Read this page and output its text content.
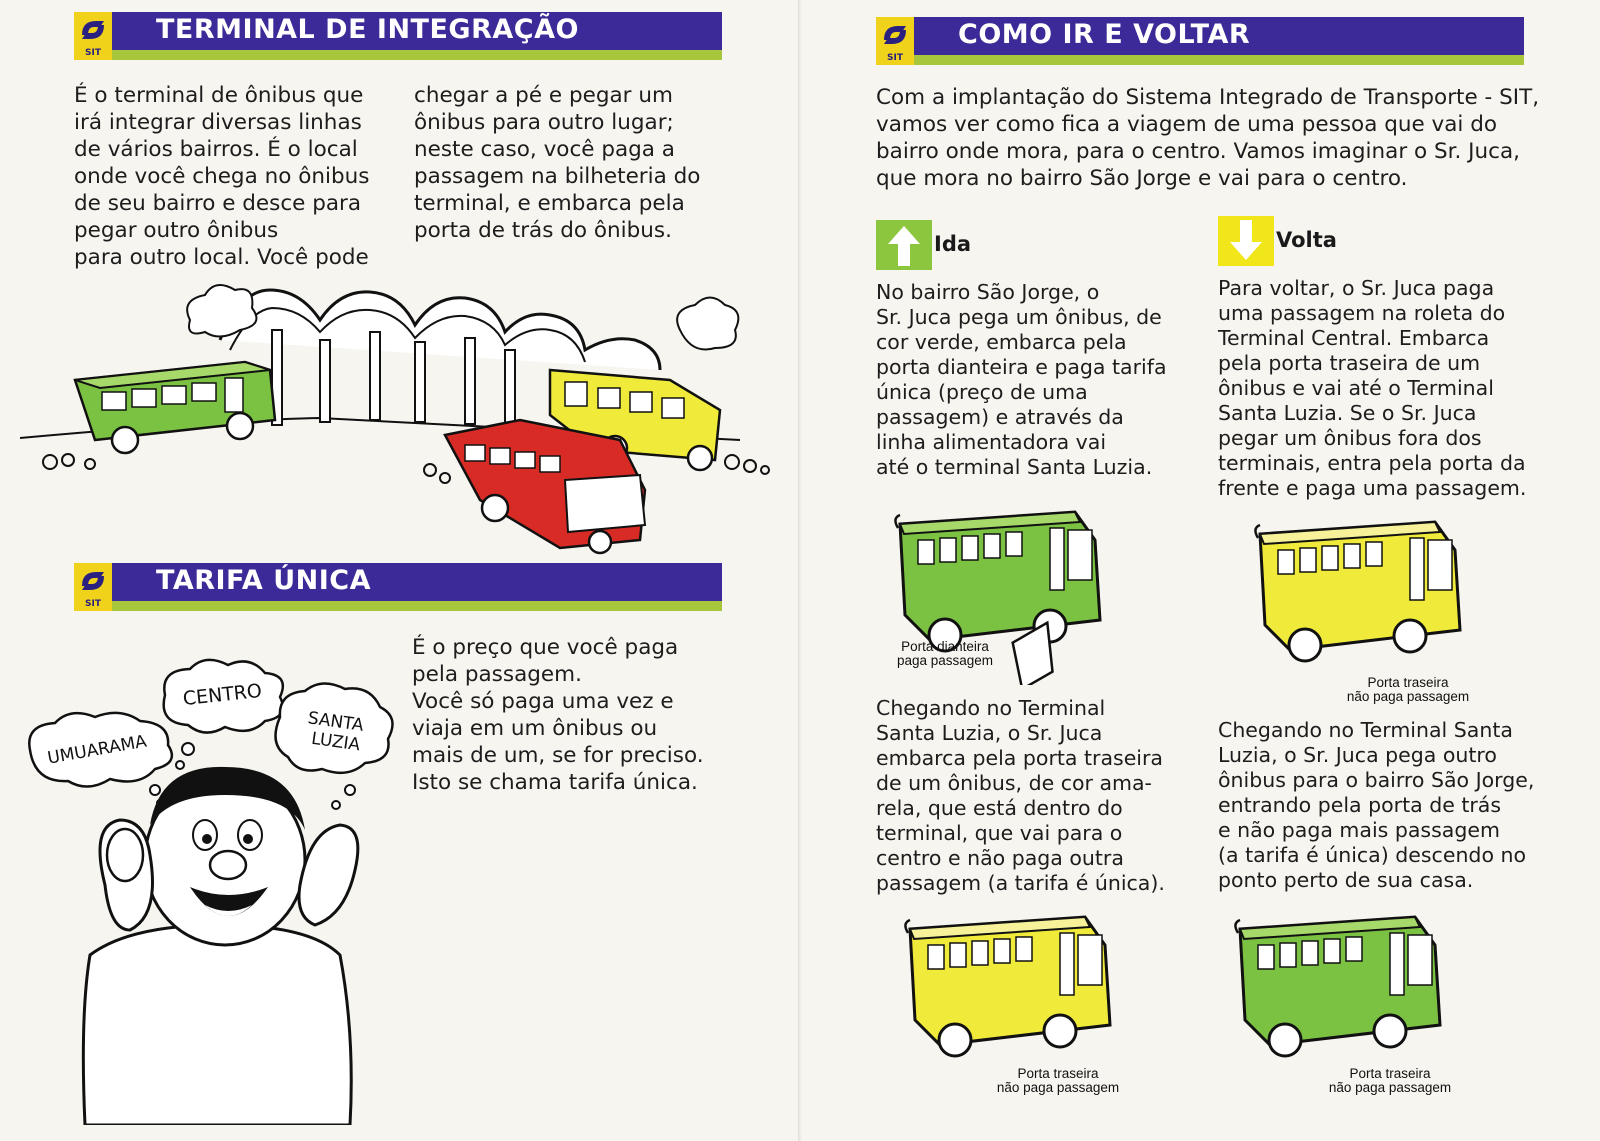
SIT
TERMINAL DE INTEGRAÇÃO
É o terminal de ônibus que
irá integrar diversas linhas
de vários bairros. É o local
onde você chega no ônibus
de seu bairro e desce para
pegar outro ônibus
para outro local. Você pode
chegar a pé e pegar um
ônibus para outro lugar;
neste caso, você paga a
passagem na bilheteria do
terminal, e embarca pela
porta de trás do ônibus.
SIT
TARIFA ÚNICA
É o preço que você paga
pela passagem.
Você só paga uma vez e
viaja em um ônibus ou
mais de um, se for preciso.
Isto se chama tarifa única.
CENTRO
UMUARAMA
SANTA
LUZIA
SIT
COMO IR E VOLTAR
Com a implantação do Sistema Integrado de Transporte - SIT,
vamos ver como fica a viagem de uma pessoa que vai do
bairro onde mora, para o centro. Vamos imaginar o Sr. Juca,
que mora no bairro São Jorge e vai para o centro.
Ida
No bairro São Jorge, o
Sr. Juca pega um ônibus, de
cor verde, embarca pela
porta dianteira e paga tarifa
única (preço de uma
passagem) e através da
linha alimentadora vai
até o terminal Santa Luzia.
Porta dianteira
paga passagem
Chegando no Terminal
Santa Luzia, o Sr. Juca
embarca pela porta traseira
de um ônibus, de cor ama-
rela, que está dentro do
terminal, que vai para o
centro e não paga outra
passagem (a tarifa é única).
Porta traseira
não paga passagem
Volta
Para voltar, o Sr. Juca paga
uma passagem na roleta do
Terminal Central. Embarca
pela porta traseira de um
ônibus e vai até o Terminal
Santa Luzia. Se o Sr. Juca
pegar um ônibus fora dos
terminais, entra pela porta da
frente e paga uma passagem.
Porta traseira
não paga passagem
Chegando no Terminal Santa
Luzia, o Sr. Juca pega outro
ônibus para o bairro São Jorge,
entrando pela porta de trás
e não paga mais passagem
(a tarifa é única) descendo no
ponto perto de sua casa.
Porta traseira
não paga passagem
